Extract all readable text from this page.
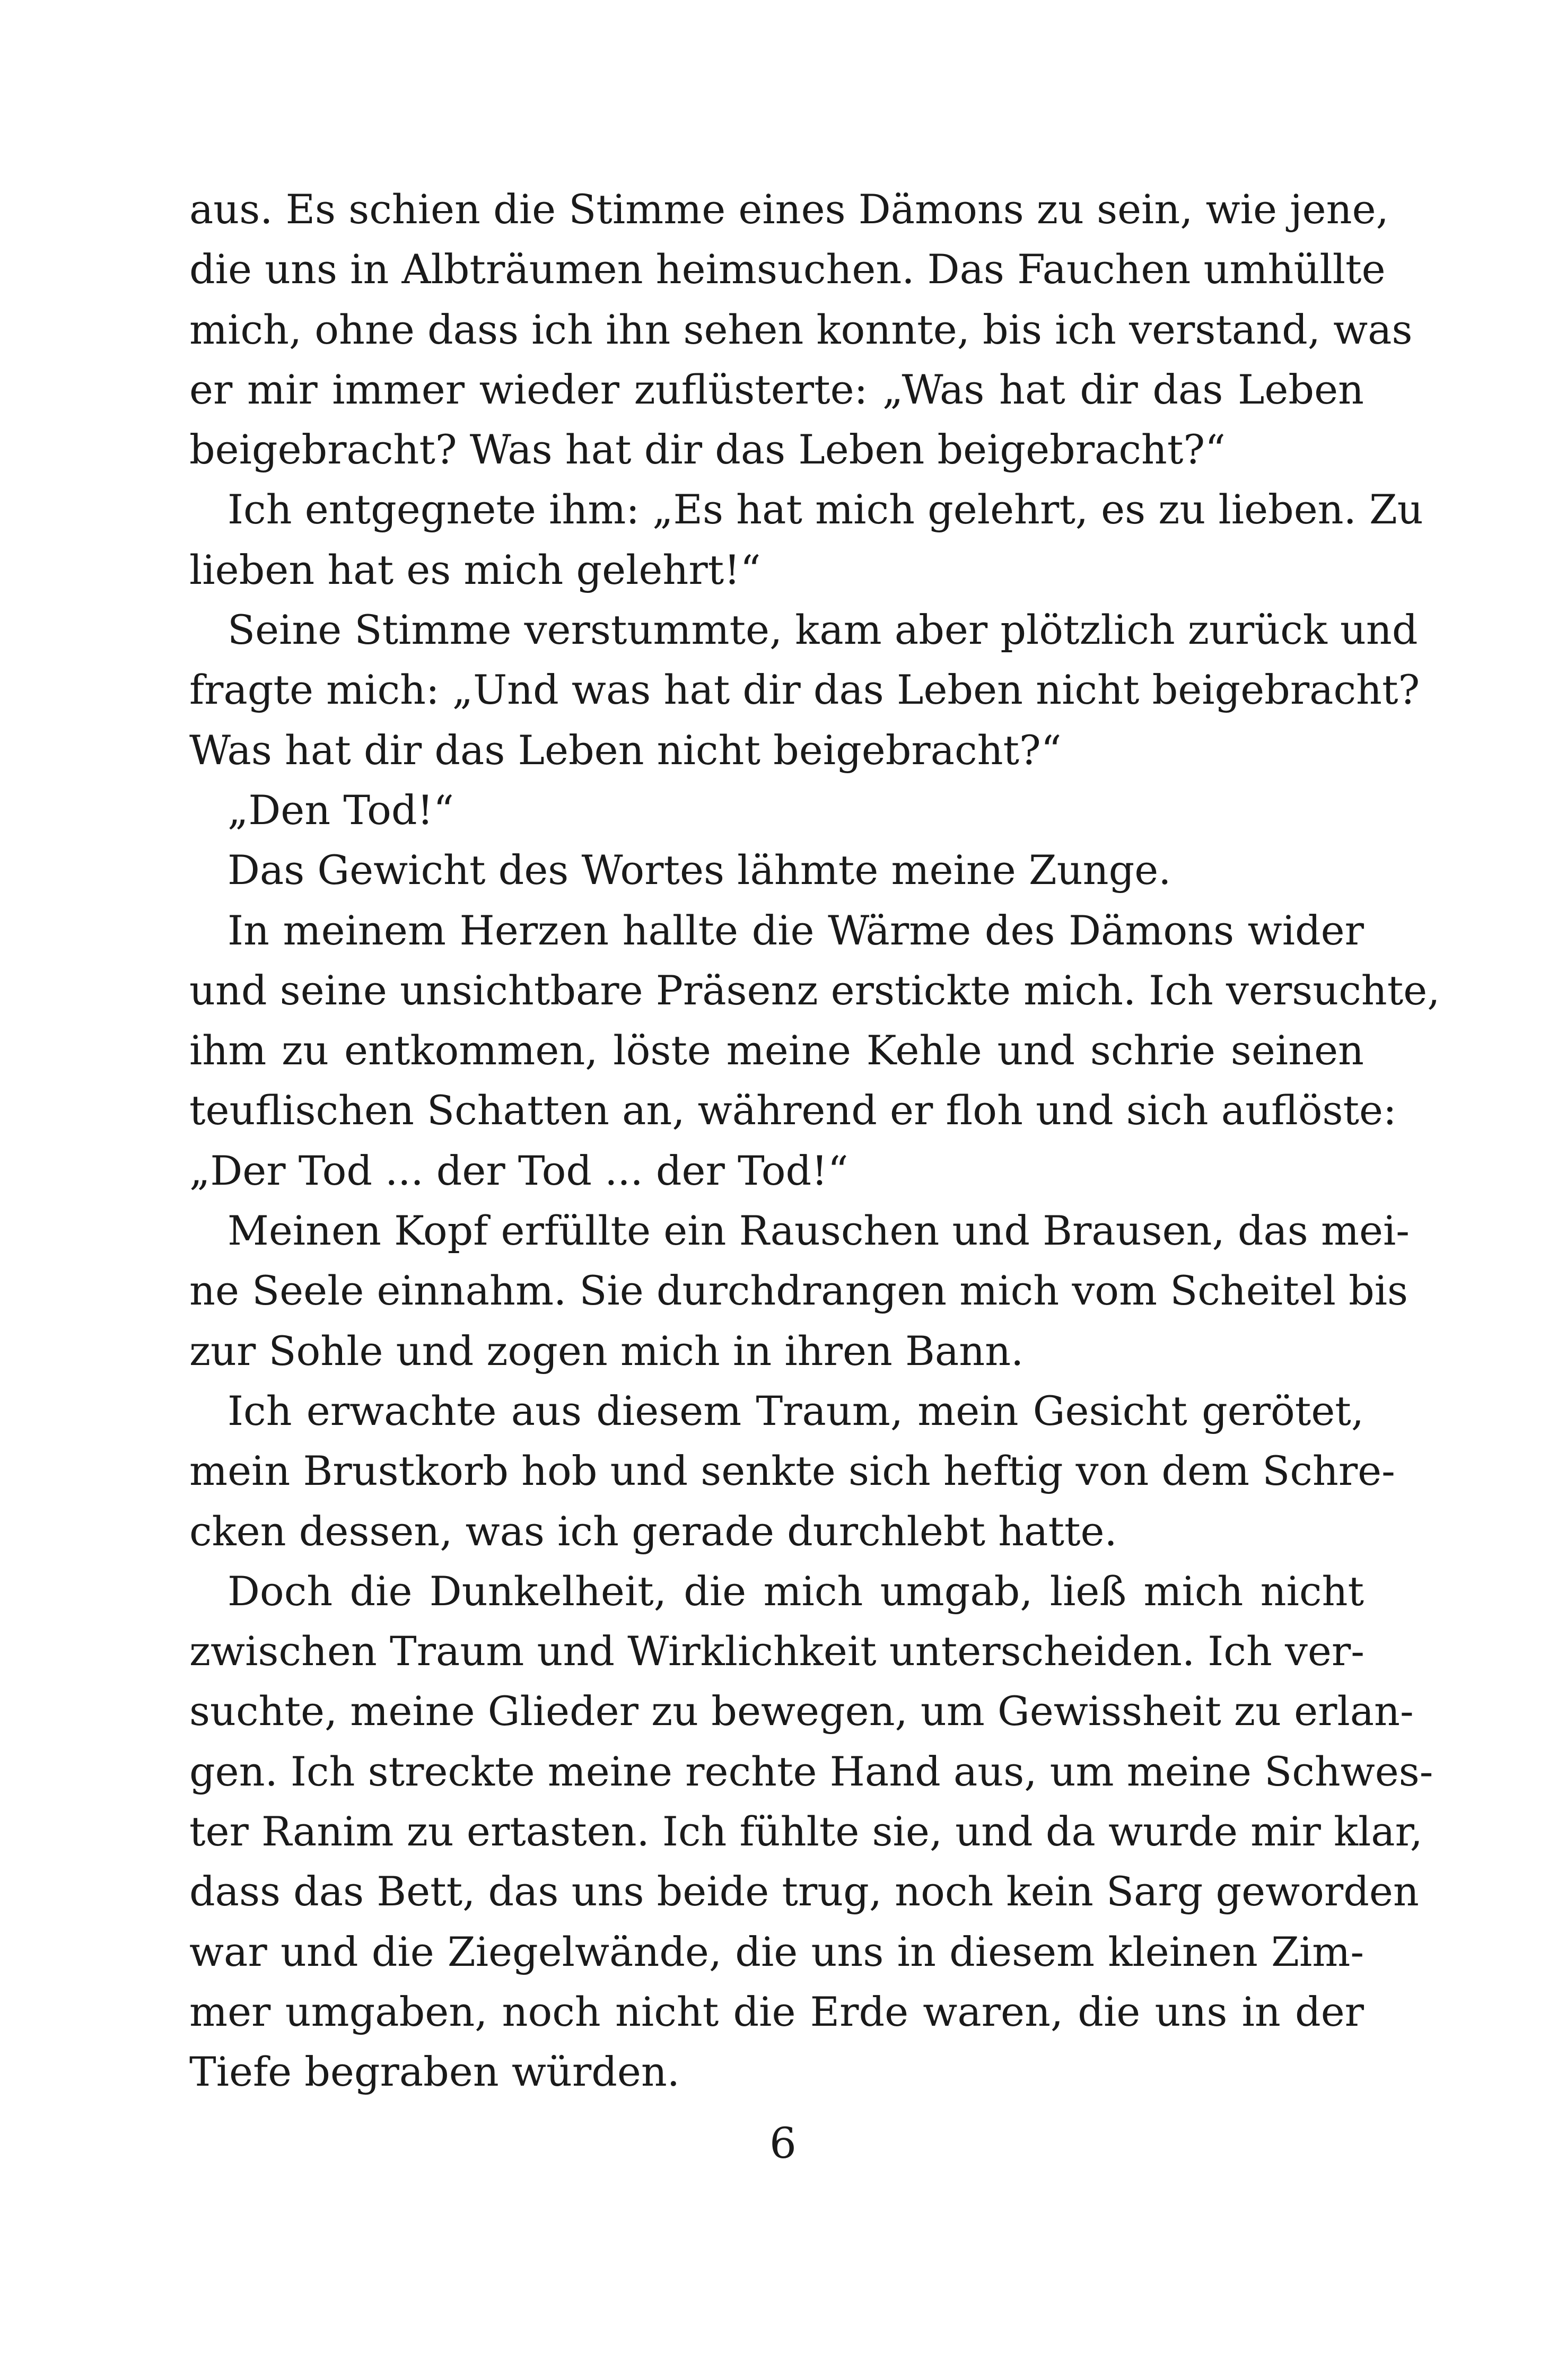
aus. Es schien die Stimme eines Dämons zu sein, wie jene,
die uns in Albträumen heimsuchen. Das Fauchen umhüllte
mich, ohne dass ich ihn sehen konnte, bis ich verstand, was
er mir immer wieder zuflüsterte: „Was hat dir das Leben
beigebracht? Was hat dir das Leben beigebracht?“
Ich entgegnete ihm: „Es hat mich gelehrt, es zu lieben. Zu
lieben hat es mich gelehrt!“
Seine Stimme verstummte, kam aber plötzlich zurück und
fragte mich: „Und was hat dir das Leben nicht beigebracht?
Was hat dir das Leben nicht beigebracht?“
„Den Tod!“
Das Gewicht des Wortes lähmte meine Zunge.
In meinem Herzen hallte die Wärme des Dämons wider
und seine unsichtbare Präsenz erstickte mich. Ich versuchte,
ihm zu entkommen, löste meine Kehle und schrie seinen
teuflischen Schatten an, während er floh und sich auflöste:
„Der Tod ... der Tod ... der Tod!“
Meinen Kopf erfüllte ein Rauschen und Brausen, das mei-
ne Seele einnahm. Sie durchdrangen mich vom Scheitel bis
zur Sohle und zogen mich in ihren Bann.
Ich erwachte aus diesem Traum, mein Gesicht gerötet,
mein Brustkorb hob und senkte sich heftig von dem Schre-
cken dessen, was ich gerade durchlebt hatte.
Doch die Dunkelheit, die mich umgab, ließ mich nicht
zwischen Traum und Wirklichkeit unterscheiden. Ich ver-
suchte, meine Glieder zu bewegen, um Gewissheit zu erlan-
gen. Ich streckte meine rechte Hand aus, um meine Schwes-
ter Ranim zu ertasten. Ich fühlte sie, und da wurde mir klar,
dass das Bett, das uns beide trug, noch kein Sarg geworden
war und die Ziegelwände, die uns in diesem kleinen Zim-
mer umgaben, noch nicht die Erde waren, die uns in der
Tiefe begraben würden.
6
